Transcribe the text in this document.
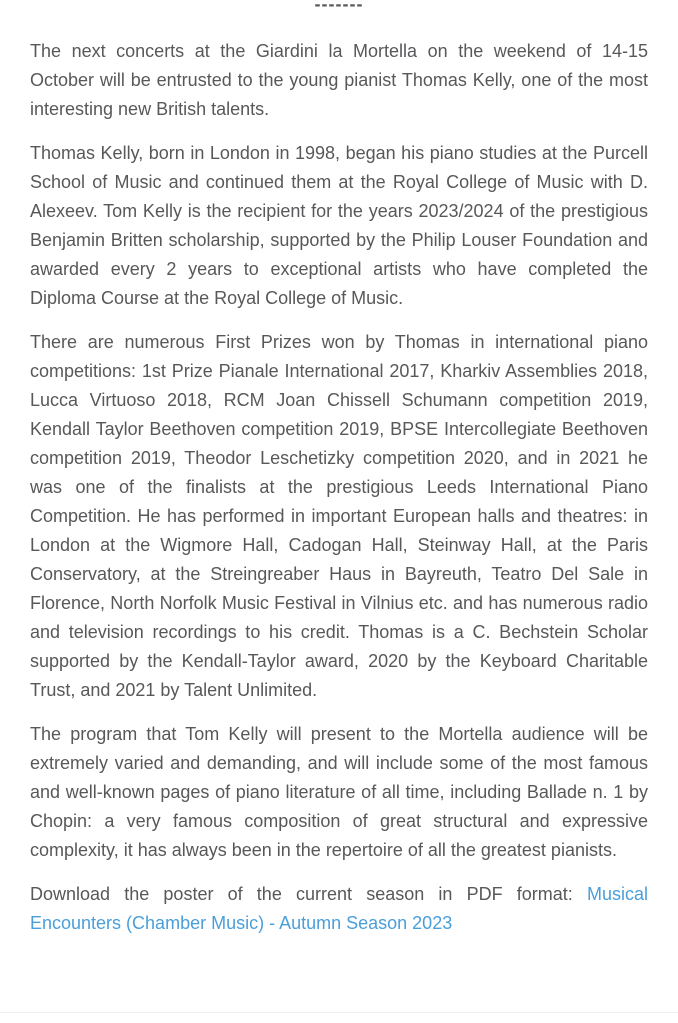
-------

The next concerts at the Giardini la Mortella on the weekend of 14-15 October will be entrusted to the young pianist Thomas Kelly, one of the most interesting new British talents.

Thomas Kelly, born in London in 1998, began his piano studies at the Purcell School of Music and continued them at the Royal College of Music with D. Alexeev. Tom Kelly is the recipient for the years 2023/2024 of the prestigious Benjamin Britten scholarship, supported by the Philip Louser Foundation and awarded every 2 years to exceptional artists who have completed the Diploma Course at the Royal College of Music.

There are numerous First Prizes won by Thomas in international piano competitions: 1st Prize Pianale International 2017, Kharkiv Assemblies 2018, Lucca Virtuoso 2018, RCM Joan Chissell Schumann competition 2019, Kendall Taylor Beethoven competition 2019, BPSE Intercollegiate Beethoven competition 2019, Theodor Leschetizky competition 2020, and in 2021 he was one of the finalists at the prestigious Leeds International Piano Competition. He has performed in important European halls and theatres: in London at the Wigmore Hall, Cadogan Hall, Steinway Hall, at the Paris Conservatory, at the Streingreaber Haus in Bayreuth, Teatro Del Sale in Florence, North Norfolk Music Festival in Vilnius etc. and has numerous radio and television recordings to his credit. Thomas is a C. Bechstein Scholar supported by the Kendall-Taylor award, 2020 by the Keyboard Charitable Trust, and 2021 by Talent Unlimited.

The program that Tom Kelly will present to the Mortella audience will be extremely varied and demanding, and will include some of the most famous and well-known pages of piano literature of all time, including Ballade n. 1 by Chopin: a very famous composition of great structural and expressive complexity, it has always been in the repertoire of all the greatest pianists.

Download the poster of the current season in PDF format: Musical Encounters (Chamber Music) - Autumn Season 2023
